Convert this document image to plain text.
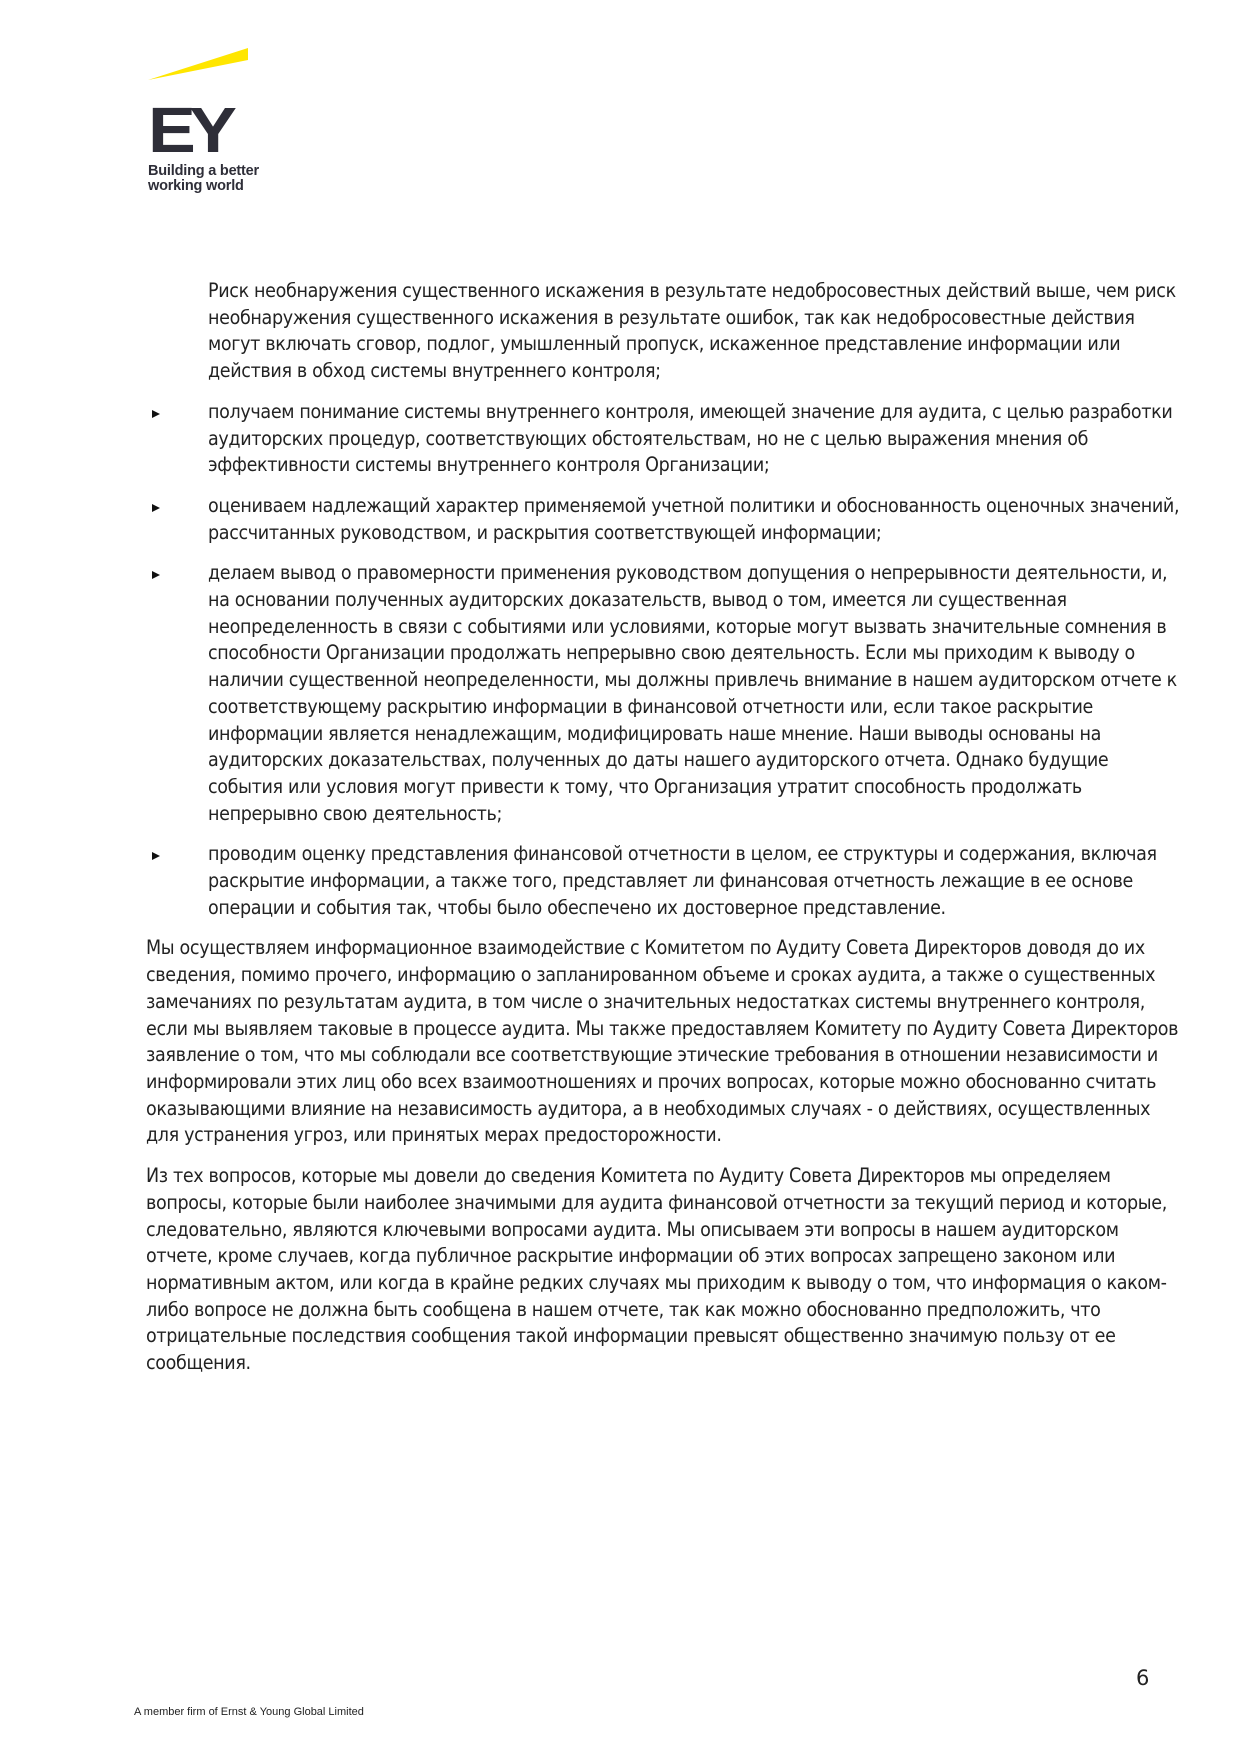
EY
Building a better
working world

Риск необнаружения существенного искажения в результате недобросовестных действий выше, чем риск необнаружения существенного искажения в результате ошибок, так как недобросовестные действия могут включать сговор, подлог, умышленный пропуск, искаженное представление информации или действия в обход системы внутреннего контроля;

получаем понимание системы внутреннего контроля, имеющей значение для аудита, с целью разработки аудиторских процедур, соответствующих обстоятельствам, но не с целью выражения мнения об эффективности системы внутреннего контроля Организации;
оцениваем надлежащий характер применяемой учетной политики и обоснованность оценочных значений, рассчитанных руководством, и раскрытия соответствующей информации;
делаем вывод о правомерности применения руководством допущения о непрерывности деятельности, и, на основании полученных аудиторских доказательств, вывод о том, имеется ли существенная неопределенность в связи с событиями или условиями, которые могут вызвать значительные сомнения в способности Организации продолжать непрерывно свою деятельность. Если мы приходим к выводу о наличии существенной неопределенности, мы должны привлечь внимание в нашем аудиторском отчете к соответствующему раскрытию информации в финансовой отчетности или, если такое раскрытие информации является ненадлежащим, модифицировать наше мнение. Наши выводы основаны на аудиторских доказательствах, полученных до даты нашего аудиторского отчета. Однако будущие события или условия могут привести к тому, что Организация утратит способность продолжать непрерывно свою деятельность;
проводим оценку представления финансовой отчетности в целом, ее структуры и содержания, включая раскрытие информации, а также того, представляет ли финансовая отчетность лежащие в ее основе операции и события так, чтобы было обеспечено их достоверное представление.

Мы осуществляем информационное взаимодействие с Комитетом по Аудиту Совета Директоров доводя до их сведения, помимо прочего, информацию о запланированном объеме и сроках аудита, а также о существенных замечаниях по результатам аудита, в том числе о значительных недостатках системы внутреннего контроля, если мы выявляем таковые в процессе аудита. Мы также предоставляем Комитету по Аудиту Совета Директоров заявление о том, что мы соблюдали все соответствующие этические требования в отношении независимости и информировали этих лиц обо всех взаимоотношениях и прочих вопросах, которые можно обоснованно считать оказывающими влияние на независимость аудитора, а в необходимых случаях - о действиях, осуществленных для устранения угроз, или принятых мерах предосторожности.

Из тех вопросов, которые мы довели до сведения Комитета по Аудиту Совета Директоров мы определяем вопросы, которые были наиболее значимыми для аудита финансовой отчетности за текущий период и которые, следовательно, являются ключевыми вопросами аудита. Мы описываем эти вопросы в нашем аудиторском отчете, кроме случаев, когда публичное раскрытие информации об этих вопросах запрещено законом или нормативным актом, или когда в крайне редких случаях мы приходим к выводу о том, что информация о каком-либо вопросе не должна быть сообщена в нашем отчете, так как можно обоснованно предположить, что отрицательные последствия сообщения такой информации превысят общественно значимую пользу от ее сообщения.

6
A member firm of Ernst & Young Global Limited
